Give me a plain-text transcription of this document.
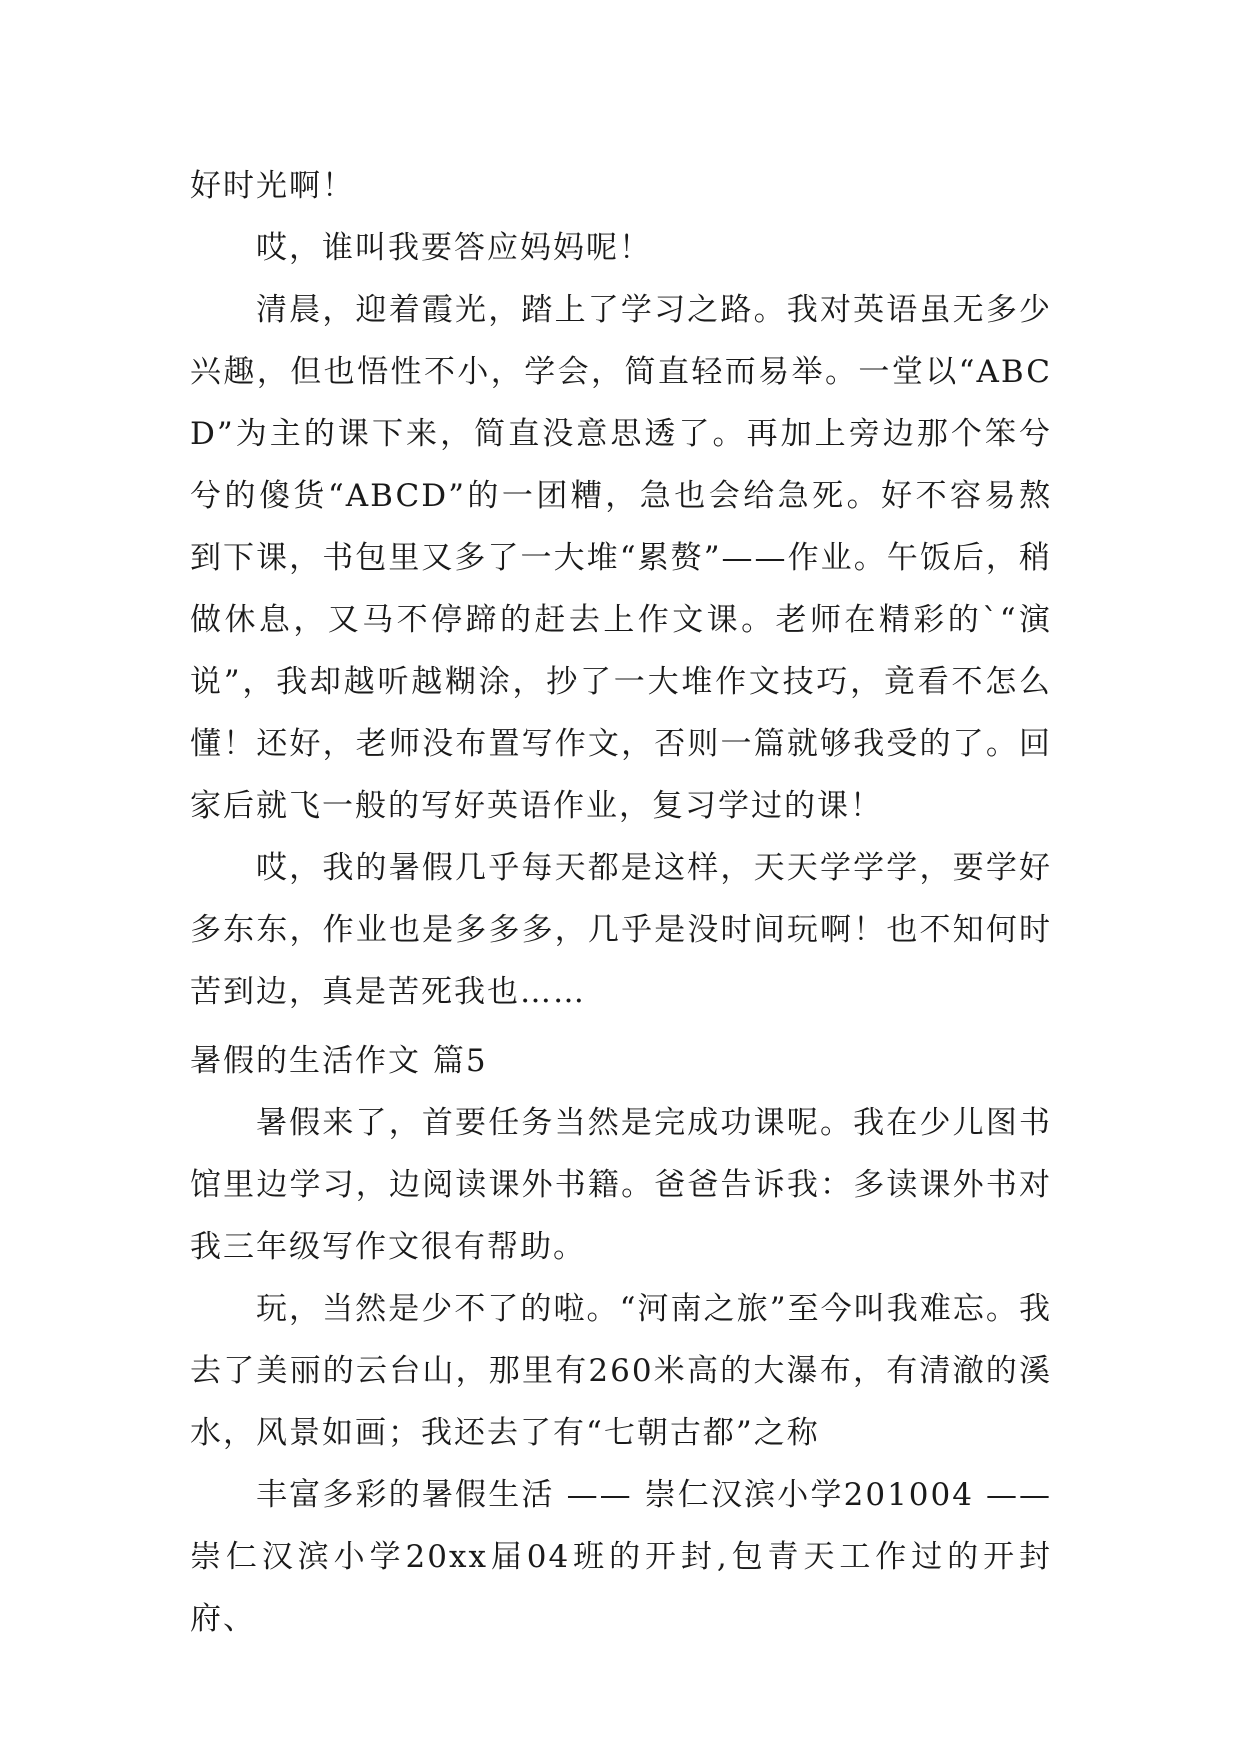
好时光啊！

哎，谁叫我要答应妈妈呢！

清晨，迎着霞光，踏上了学习之路。我对英语虽无多少兴趣，但也悟性不小，学会，简直轻而易举。一堂以“ABCD”为主的课下来，简直没意思透了。再加上旁边那个笨兮兮的傻货“ABCD”的一团糟，急也会给急死。好不容易熬到下课，书包里又多了一大堆“累赘”——作业。午饭后，稍做休息，又马不停蹄的赶去上作文课。老师在精彩的`“演说”，我却越听越糊涂，抄了一大堆作文技巧，竟看不怎么懂！还好，老师没布置写作文，否则一篇就够我受的了。回家后就飞一般的写好英语作业，复习学过的课！

哎，我的暑假几乎每天都是这样，天天学学学，要学好多东东，作业也是多多多，几乎是没时间玩啊！也不知何时苦到边，真是苦死我也……

暑假的生活作文 篇5

暑假来了，首要任务当然是完成功课呢。我在少儿图书馆里边学习，边阅读课外书籍。爸爸告诉我：多读课外书对我三年级写作文很有帮助。

玩，当然是少不了的啦。“河南之旅”至今叫我难忘。我去了美丽的云台山，那里有260米高的大瀑布，有清澈的溪水，风景如画；我还去了有“七朝古都”之称

丰富多彩的暑假生活 —— 崇仁汉滨小学201004 ——崇仁汉滨小学20xx届04班的开封,包青天工作过的开封府、
